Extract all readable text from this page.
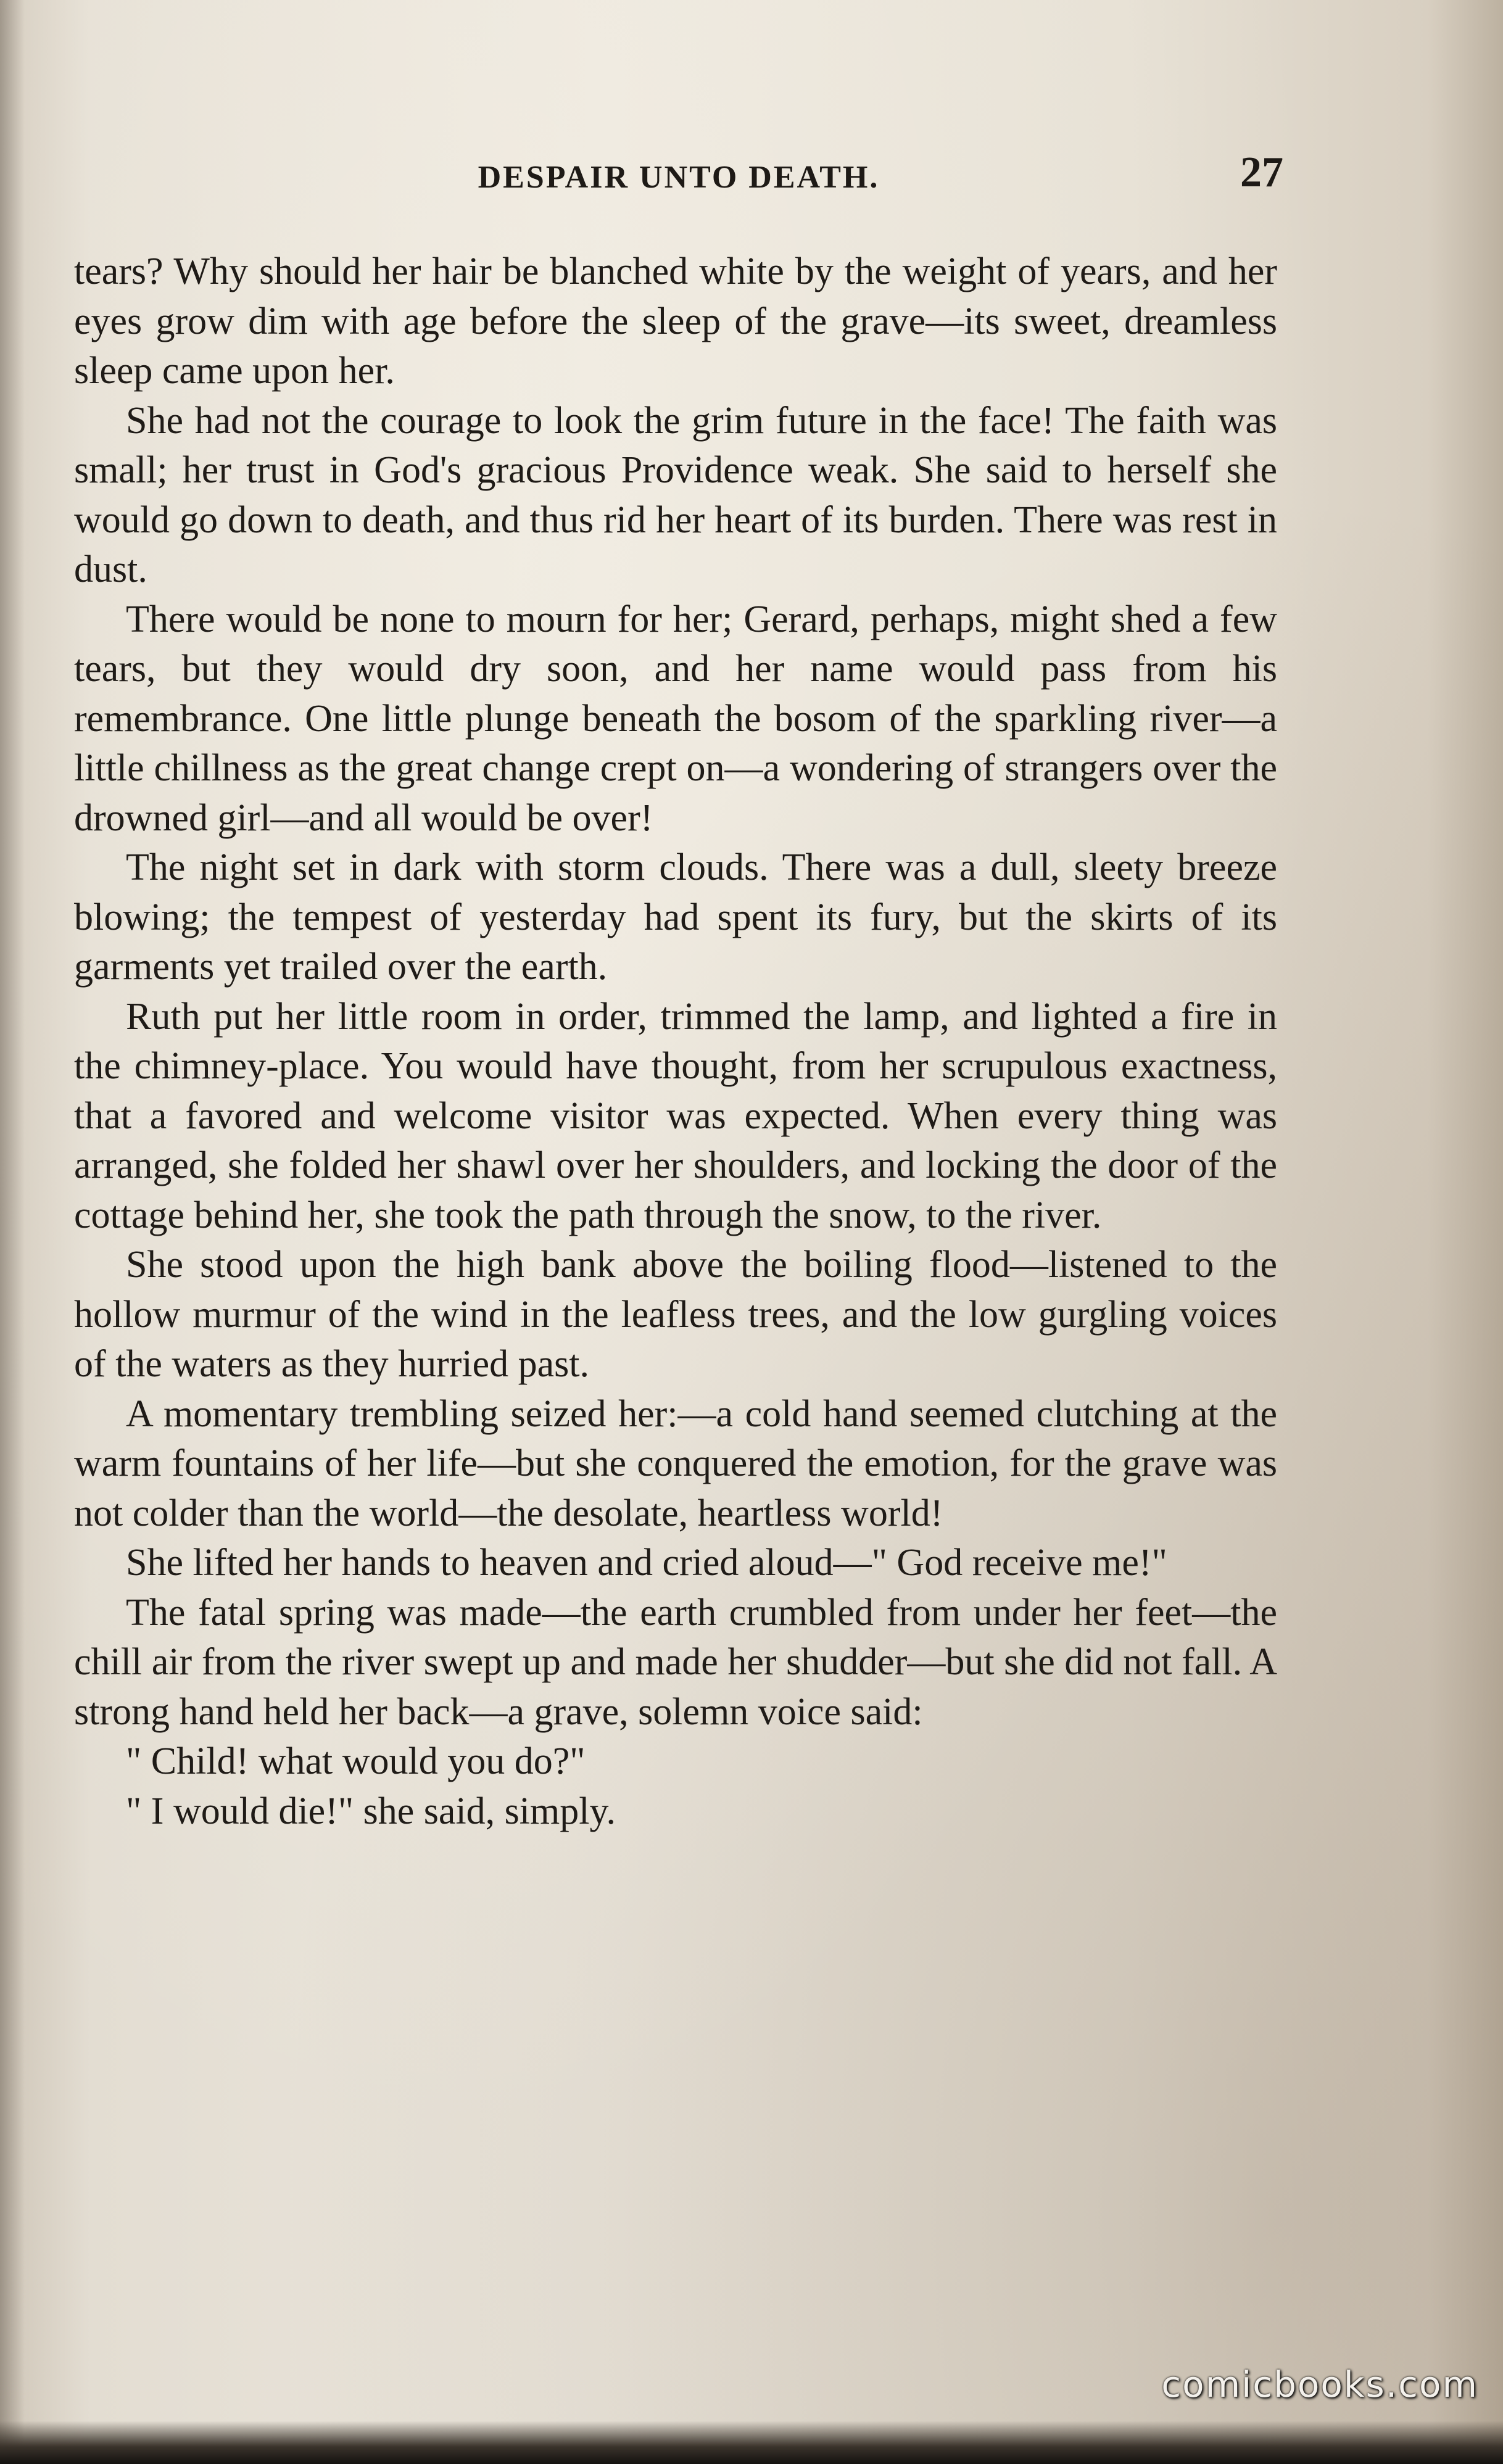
DESPAIR UNTO DEATH.	27

tears? Why should her hair be blanched white by the weight of years, and her eyes grow dim with age before the sleep of the grave—its sweet, dreamless sleep came upon her.

She had not the courage to look the grim future in the face! The faith was small; her trust in God's gracious Providence weak. She said to herself she would go down to death, and thus rid her heart of its burden. There was rest in dust.

There would be none to mourn for her; Gerard, perhaps, might shed a few tears, but they would dry soon, and her name would pass from his remembrance. One little plunge beneath the bosom of the sparkling river—a little chillness as the great change crept on—a wondering of strangers over the drowned girl—and all would be over!

The night set in dark with storm clouds. There was a dull, sleety breeze blowing; the tempest of yesterday had spent its fury, but the skirts of its garments yet trailed over the earth.

Ruth put her little room in order, trimmed the lamp, and lighted a fire in the chimney-place. You would have thought, from her scrupulous exactness, that a favored and welcome visitor was expected. When every thing was arranged, she folded her shawl over her shoulders, and locking the door of the cottage behind her, she took the path through the snow, to the river.

She stood upon the high bank above the boiling flood—listened to the hollow murmur of the wind in the leafless trees, and the low gurgling voices of the waters as they hurried past.

A momentary trembling seized her:—a cold hand seemed clutching at the warm fountains of her life—but she conquered the emotion, for the grave was not colder than the world—the desolate, heartless world!

She lifted her hands to heaven and cried aloud—" God receive me!"

The fatal spring was made—the earth crumbled from under her feet—the chill air from the river swept up and made her shudder—but she did not fall. A strong hand held her back—a grave, solemn voice said:

" Child! what would you do?"

" I would die!" she said, simply.

comicbooks.com
